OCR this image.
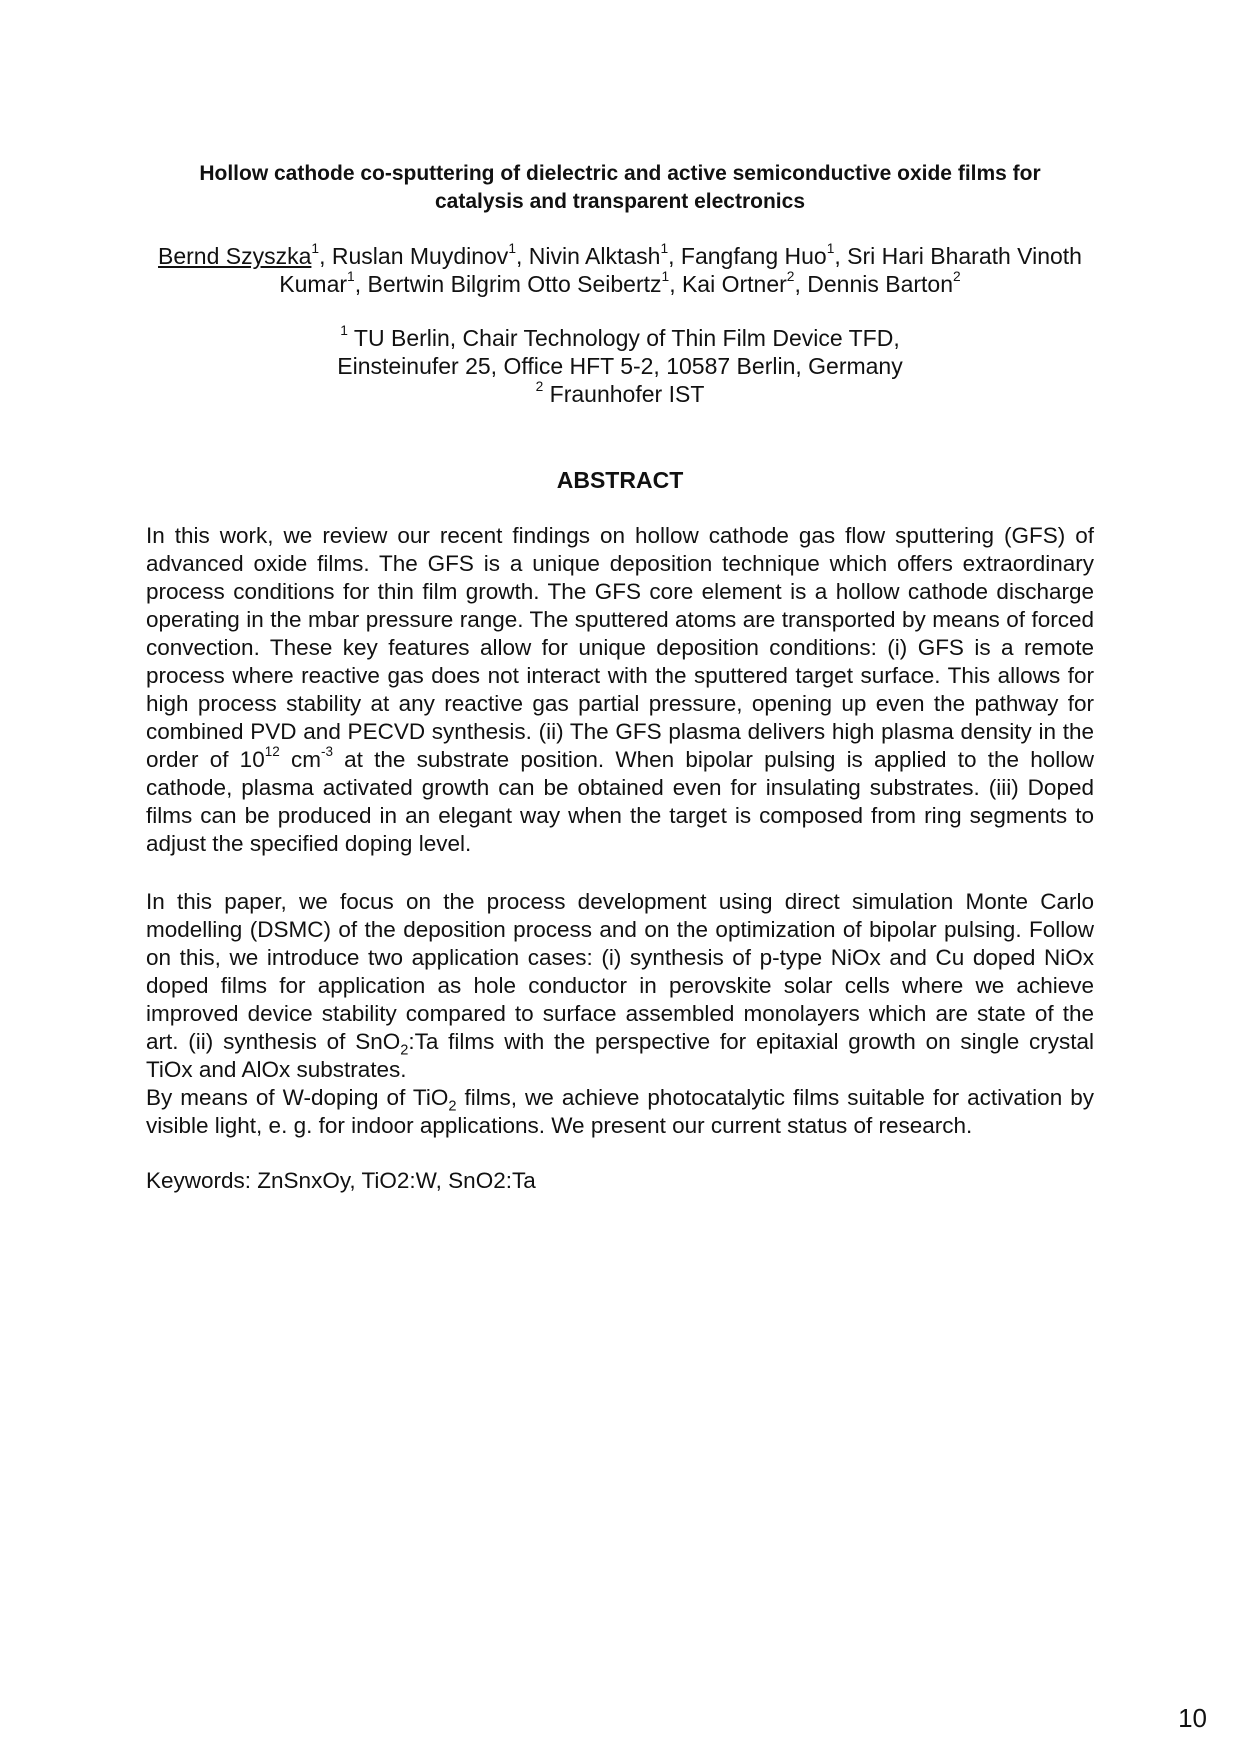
Hollow cathode co-sputtering of dielectric and active semiconductive oxide films for
catalysis and transparent electronics
Bernd Szyszka$^1$, Ruslan Muydinov$^1$, Nivin Alktash$^1$, Fangfang Huo$^1$, Sri Hari Bharath Vinoth
Kumar$^1$, Bertwin Bilgrim Otto Seibertz$^1$, Kai Ortner$^2$, Dennis Barton$^2$
$^1$ TU Berlin, Chair Technology of Thin Film Device TFD,
Einsteinufer 25, Office HFT 5-2, 10587 Berlin, Germany
$^2$ Fraunhofer IST
ABSTRACT
In this work, we review our recent findings on hollow cathode gas flow sputtering (GFS) of advanced oxide films. The GFS is a unique deposition technique which offers extraordinary process conditions for thin film growth. The GFS core element is a hollow cathode discharge operating in the mbar pressure range. The sputtered atoms are transported by means of forced convection. These key features allow for unique deposition conditions: (i) GFS is a remote process where reactive gas does not interact with the sputtered target surface. This allows for high process stability at any reactive gas partial pressure, opening up even the pathway for combined PVD and PECVD synthesis. (ii) The GFS plasma delivers high plasma density in the order of $10^{12}$ $cm^{-3}$ at the substrate position. When bipolar pulsing is applied to the hollow cathode, plasma activated growth can be obtained even for insulating substrates. (iii) Doped films can be produced in an elegant way when the target is composed from ring segments to adjust the specified doping level.
In this paper, we focus on the process development using direct simulation Monte Carlo modelling (DSMC) of the deposition process and on the optimization of bipolar pulsing. Follow on this, we introduce two application cases: (i) synthesis of p-type NiOx and Cu doped NiOx doped films for application as hole conductor in perovskite solar cells where we achieve improved device stability compared to surface assembled monolayers which are state of the art. (ii) synthesis of SnO$_2$:Ta films with the perspective for epitaxial growth on single crystal TiOx and AlOx substrates.
By means of W-doping of TiO$_2$ films, we achieve photocatalytic films suitable for activation by visible light, e. g. for indoor applications. We present our current status of research.
Keywords: ZnSnxOy, TiO2:W, SnO2:Ta
10
